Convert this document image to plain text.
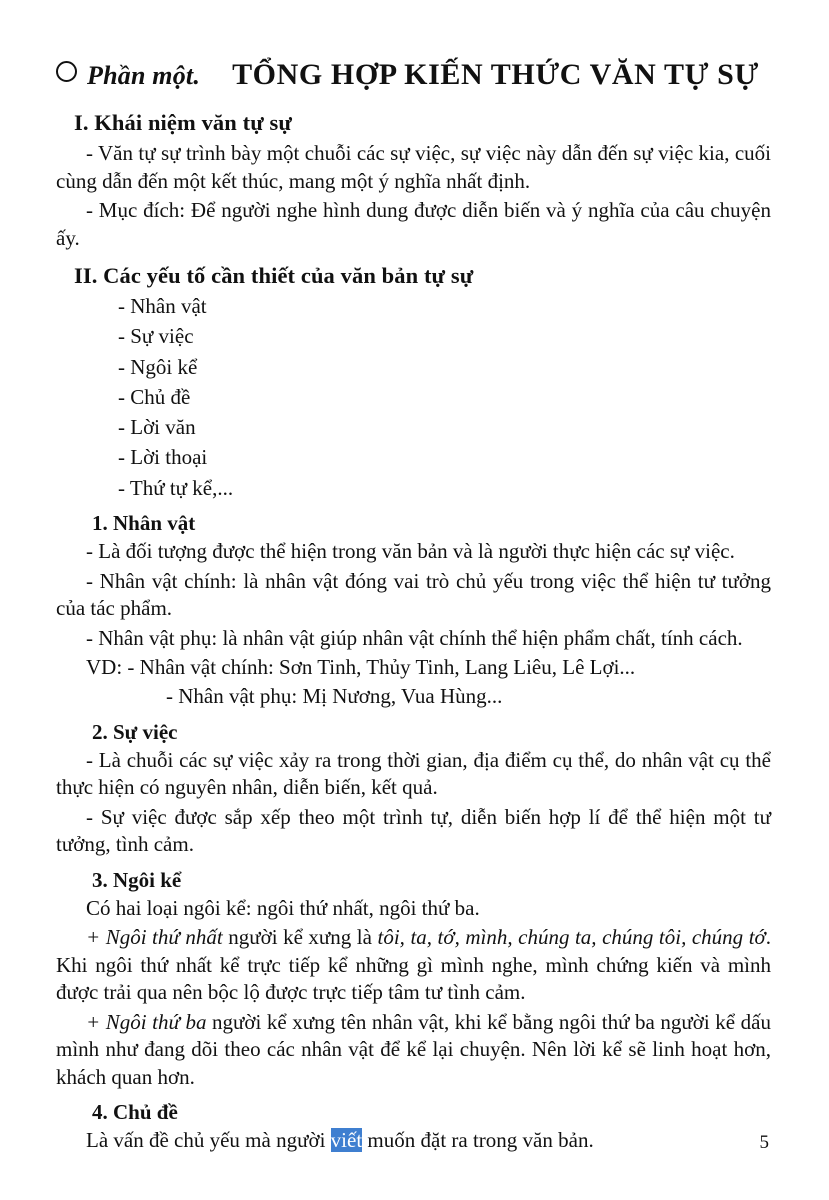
Phần một. TỔNG HỢP KIẾN THỨC VĂN TỰ SỰ
I. Khái niệm văn tự sự

- Văn tự sự trình bày một chuỗi các sự việc, sự việc này dẫn đến sự việc kia, cuối cùng dẫn đến một kết thúc, mang một ý nghĩa nhất định.

- Mục đích: Để người nghe hình dung được diễn biến và ý nghĩa của câu chuyện ấy.

II. Các yếu tố cần thiết của văn bản tự sự

- Nhân vật

- Sự việc

- Ngôi kể

- Chủ đề

- Lời văn

- Lời thoại

- Thứ tự kể,...

1. Nhân vật

- Là đối tượng được thể hiện trong văn bản và là người thực hiện các sự việc.

- Nhân vật chính: là nhân vật đóng vai trò chủ yếu trong việc thể hiện tư tưởng của tác phẩm.

- Nhân vật phụ: là nhân vật giúp nhân vật chính thể hiện phẩm chất, tính cách.

VD: - Nhân vật chính: Sơn Tinh, Thủy Tinh, Lang Liêu, Lê Lợi...

- Nhân vật phụ: Mị Nương, Vua Hùng...

2. Sự việc

- Là chuỗi các sự việc xảy ra trong thời gian, địa điểm cụ thể, do nhân vật cụ thể thực hiện có nguyên nhân, diễn biến, kết quả.

- Sự việc được sắp xếp theo một trình tự, diễn biến hợp lí để thể hiện một tư tưởng, tình cảm.

3. Ngôi kể

Có hai loại ngôi kể: ngôi thứ nhất, ngôi thứ ba.

+ Ngôi thứ nhất người kể xưng là tôi, ta, tớ, mình, chúng ta, chúng tôi, chúng tớ. Khi ngôi thứ nhất kể trực tiếp kể những gì mình nghe, mình chứng kiến và mình được trải qua nên bộc lộ được trực tiếp tâm tư tình cảm.

+ Ngôi thứ ba người kể xưng tên nhân vật, khi kể bằng ngôi thứ ba người kể dấu mình như đang dõi theo các nhân vật để kể lại chuyện. Nên lời kể sẽ linh hoạt hơn, khách quan hơn.

4. Chủ đề

Là vấn đề chủ yếu mà người viết muốn đặt ra trong văn bản.	5
